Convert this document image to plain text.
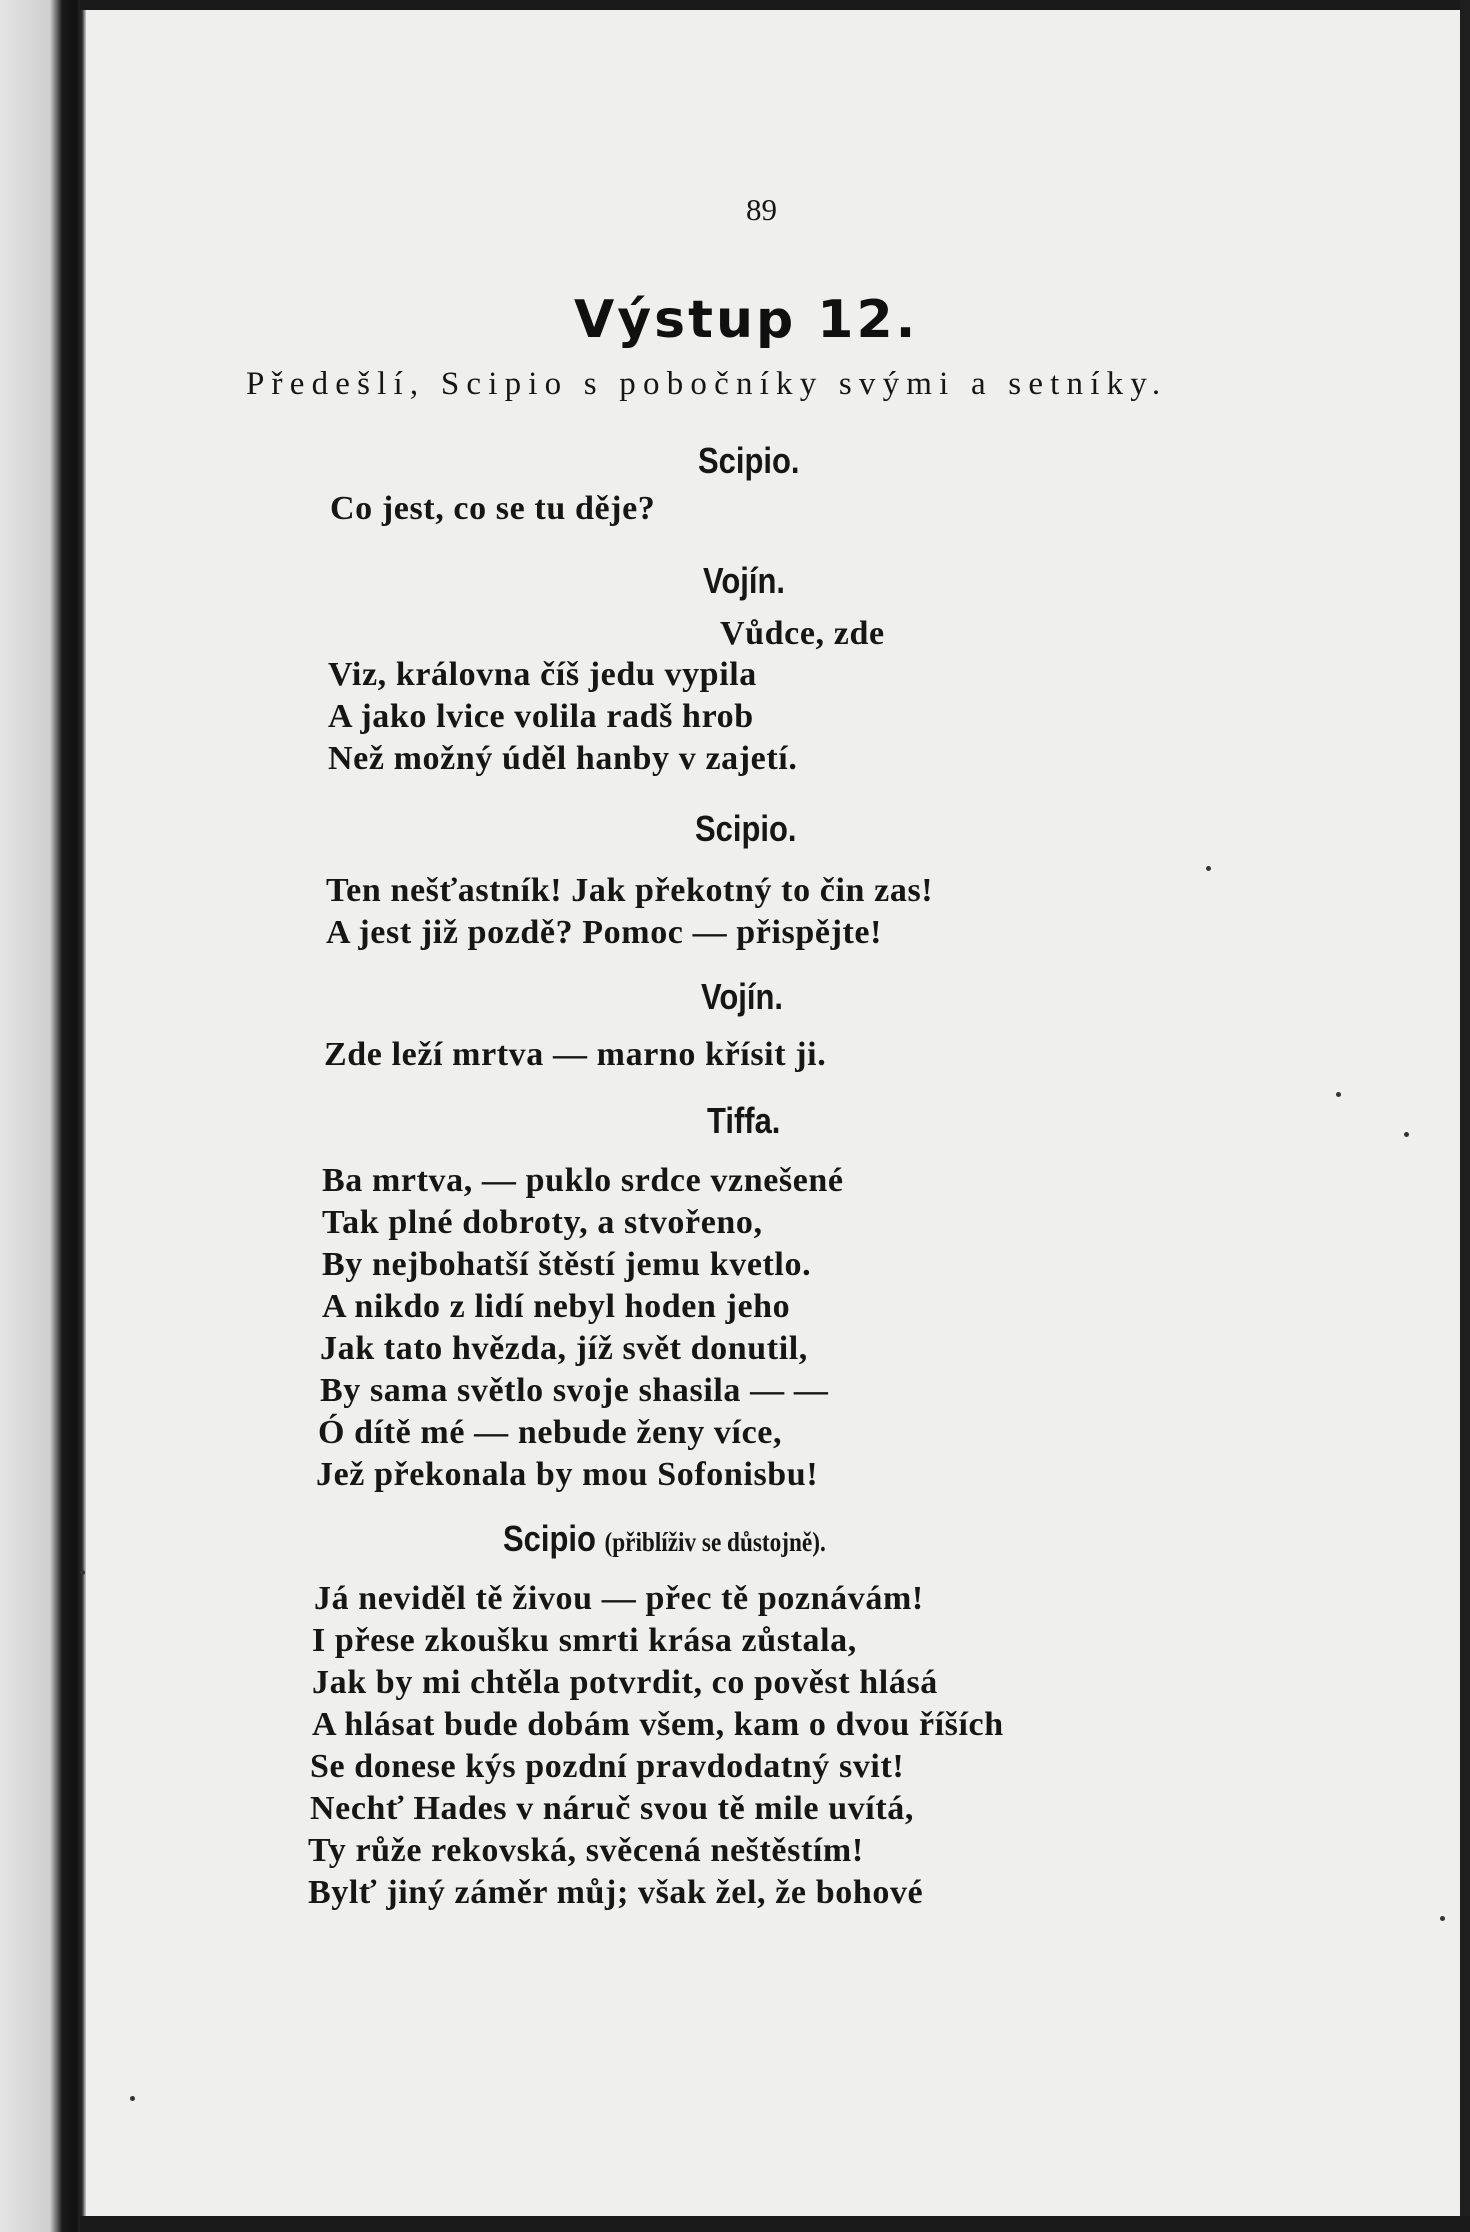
89
Výstup 12.
Předešlí, Scipio s pobočníky svými a setníky.
Scipio.
Co jest, co se tu děje?
Vojín.
Vůdce, zde
Viz, královna číš jedu vypila
A jako lvice volila radš hrob
Než možný úděl hanby v zajetí.
Scipio.
Ten nešťastník! Jak překotný to čin zas!
A jest již pozdě? Pomoc — přispějte!
Vojín.
Zde leží mrtva — marno křísit ji.
Tiffa.
Ba mrtva, — puklo srdce vznešené
Tak plné dobroty, a stvořeno,
By nejbohatší štěstí jemu kvetlo.
A nikdo z lidí nebyl hoden jeho
Jak tato hvězda, jíž svět donutil,
By sama světlo svoje shasila — —
Ó dítě mé — nebude ženy více,
Jež překonala by mou Sofonisbu!
Scipio (přiblíživ se důstojně).
Já neviděl tě živou — přec tě poznávám!
I přese zkoušku smrti krása zůstala,
Jak by mi chtěla potvrdit, co pověst hlásá
A hlásat bude dobám všem, kam o dvou říších
Se donese kýs pozdní pravdodatný svit!
Nechť Hades v náruč svou tě mile uvítá,
Ty růže rekovská, svěcená neštěstím!
Bylť jiný záměr můj; však žel, že bohové
